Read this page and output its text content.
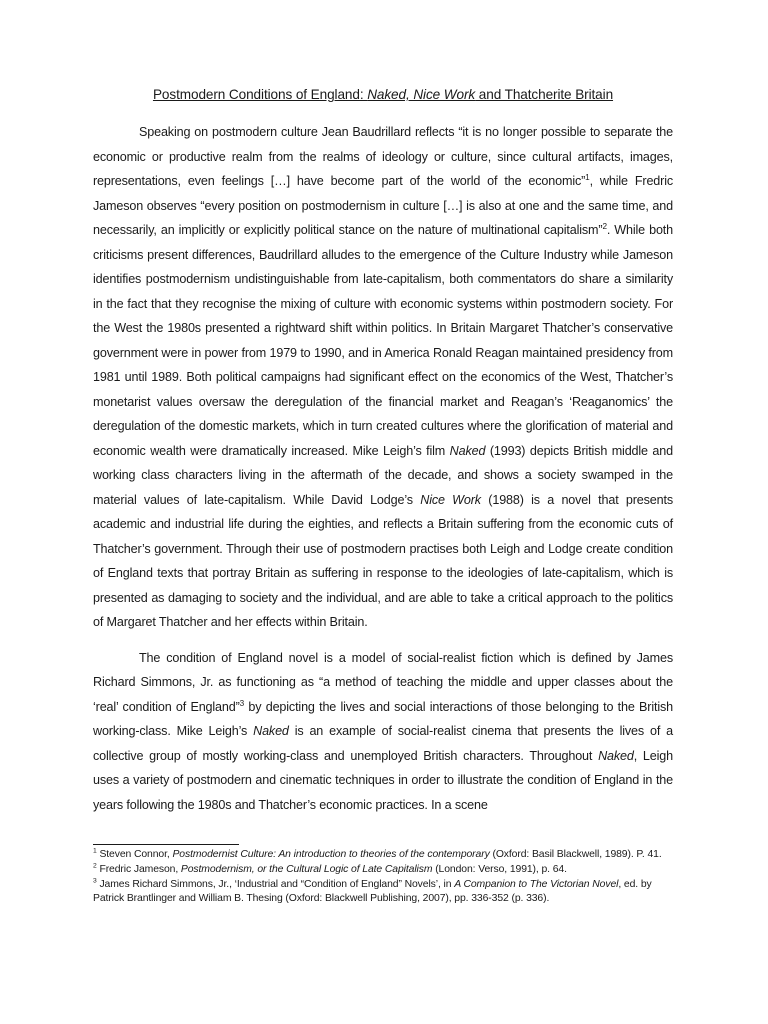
Postmodern Conditions of England: Naked, Nice Work and Thatcherite Britain

Speaking on postmodern culture Jean Baudrillard reflects “it is no longer possible to separate the economic or productive realm from the realms of ideology or culture, since cultural artifacts, images, representations, even feelings […] have become part of the world of the economic”$^1$, while Fredric Jameson observes “every position on postmodernism in culture […] is also at one and the same time, and necessarily, an implicitly or explicitly political stance on the nature of multinational capitalism”$^2$. While both criticisms present differences, Baudrillard alludes to the emergence of the Culture Industry while Jameson identifies postmodernism undistinguishable from late-capitalism, both commentators do share a similarity in the fact that they recognise the mixing of culture with economic systems within postmodern society. For the West the 1980s presented a rightward shift within politics. In Britain Margaret Thatcher’s conservative government were in power from 1979 to 1990, and in America Ronald Reagan maintained presidency from 1981 until 1989. Both political campaigns had significant effect on the economics of the West, Thatcher’s monetarist values oversaw the deregulation of the financial market and Reagan’s ‘Reaganomics’ the deregulation of the domestic markets, which in turn created cultures where the glorification of material and economic wealth were dramatically increased. Mike Leigh’s film Naked (1993) depicts British middle and working class characters living in the aftermath of the decade, and shows a society swamped in the material values of late-capitalism. While David Lodge’s Nice Work (1988) is a novel that presents academic and industrial life during the eighties, and reflects a Britain suffering from the economic cuts of Thatcher’s government. Through their use of postmodern practises both Leigh and Lodge create condition of England texts that portray Britain as suffering in response to the ideologies of late-capitalism, which is presented as damaging to society and the individual, and are able to take a critical approach to the politics of Margaret Thatcher and her effects within Britain.

The condition of England novel is a model of social-realist fiction which is defined by James Richard Simmons, Jr. as functioning as “a method of teaching the middle and upper classes about the ‘real’ condition of England”$^3$ by depicting the lives and social interactions of those belonging to the British working-class. Mike Leigh’s Naked is an example of social-realist cinema that presents the lives of a collective group of mostly working-class and unemployed British characters. Throughout Naked, Leigh uses a variety of postmodern and cinematic techniques in order to illustrate the condition of England in the years following the 1980s and Thatcher’s economic practices. In a scene

$^1$ Steven Connor, Postmodernist Culture: An introduction to theories of the contemporary (Oxford: Basil Blackwell, 1989). P. 41.

$^2$ Fredric Jameson, Postmodernism, or the Cultural Logic of Late Capitalism (London: Verso, 1991), p. 64.

$^3$ James Richard Simmons, Jr., ‘Industrial and “Condition of England” Novels’, in A Companion to The Victorian Novel, ed. by Patrick Brantlinger and William B. Thesing (Oxford: Blackwell Publishing, 2007), pp. 336-352 (p. 336).
